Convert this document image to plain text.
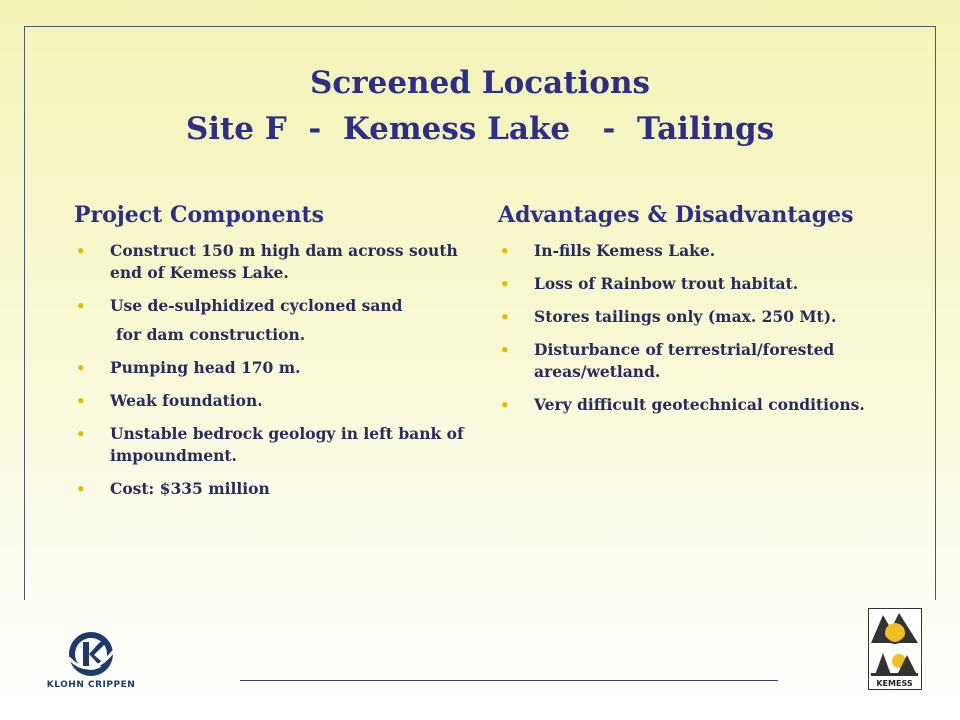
Screened Locations
Site F  -  Kemess Lake   -  Tailings
Project Components
• Construct 150 m high dam across south end of Kemess Lake.
• Use de-sulphidized cycloned sand
for dam construction.
• Pumping head 170 m.
• Weak foundation.
• Unstable bedrock geology in left bank of impoundment.
• Cost: $335 million
Advantages & Disadvantages
• In-fills Kemess Lake.
• Loss of Rainbow trout habitat.
• Stores tailings only (max. 250 Mt).
• Disturbance of terrestrial/forested areas/wetland.
• Very difficult geotechnical conditions.
KLOHN CRIPPEN	KEMESS
